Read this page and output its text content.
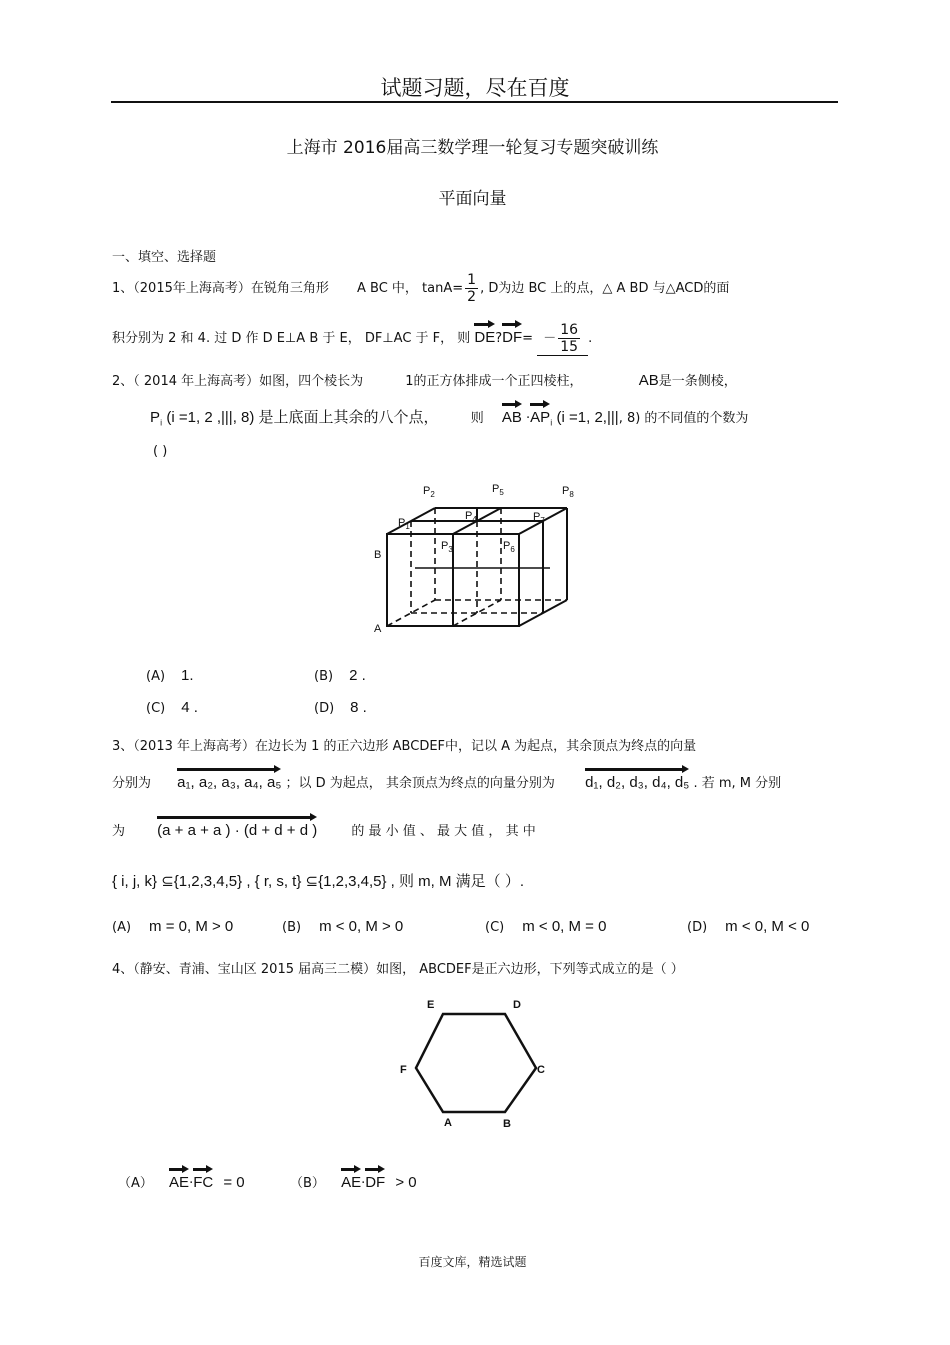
试题习题，尽在百度
上海市 2016届高三数学理一轮复习专题突破训练
平面向量
一、填空、选择题
1、（2015年上海高考）在锐角三角形 A BC 中， $\tan A= \frac{1}{2}$ , D为边 BC 上的点，△ A BD 与△ACD的面
积分别为 2 和 4. 过 D 作 D E⊥A B 于 E， DF⊥AC 于 F， 则 DE?DF= － $\frac{16}{15}$ .
2、（ 2014 年上海高考）如图，四个棱长为	1的正方体排成一个正四棱柱，	AB是一条侧棱，
$P_i$ (i =1, 2 ,|||, 8) 是上底面上其余的八个点， 则 AB $\cdot AP_i$ (i =1, 2,|||, 8) 的不同值的个数为
( )
$P_2$	$P_5$	$P_8$
$P_1$
$P_4$	$P_7$
$P_3$	$P_6$
B
A
(A) 1.	(B) 2 .
(C) 4 .	(D) 8 .
3、（2013 年上海高考）在边长为 1 的正六边形 ABCDEF中，记以 A 为起点，其余顶点为终点的向量
分别为 a₁, a₂, a₃, a₄, a₅ ；以 D 为起点， 其余顶点为终点的向量分别为 d₁, d₂, d₃, d₄, d₅ . 若 m, M 分别
为 (a + a + a ) · (d + d + d )	的 最 小 值 、 最 大 值 ， 其 中
{ i, j, k} ⊆{1,2,3,4,5} , { r, s, t} ⊆{1,2,3,4,5} , 则 m, M 满足（ ）.
(A) m = 0, M > 0	(B) m < 0, M > 0	(C) m < 0, M = 0	(D) m < 0, M < 0
4、（静安、青浦、宝山区 2015 届高三二模）如图， ABCDEF是正六边形，下列等式成立的是（ ）
E	D
F	C
A	B
（A） AE·FC = 0	（B） AE·DF > 0
百度文库，精选试题
